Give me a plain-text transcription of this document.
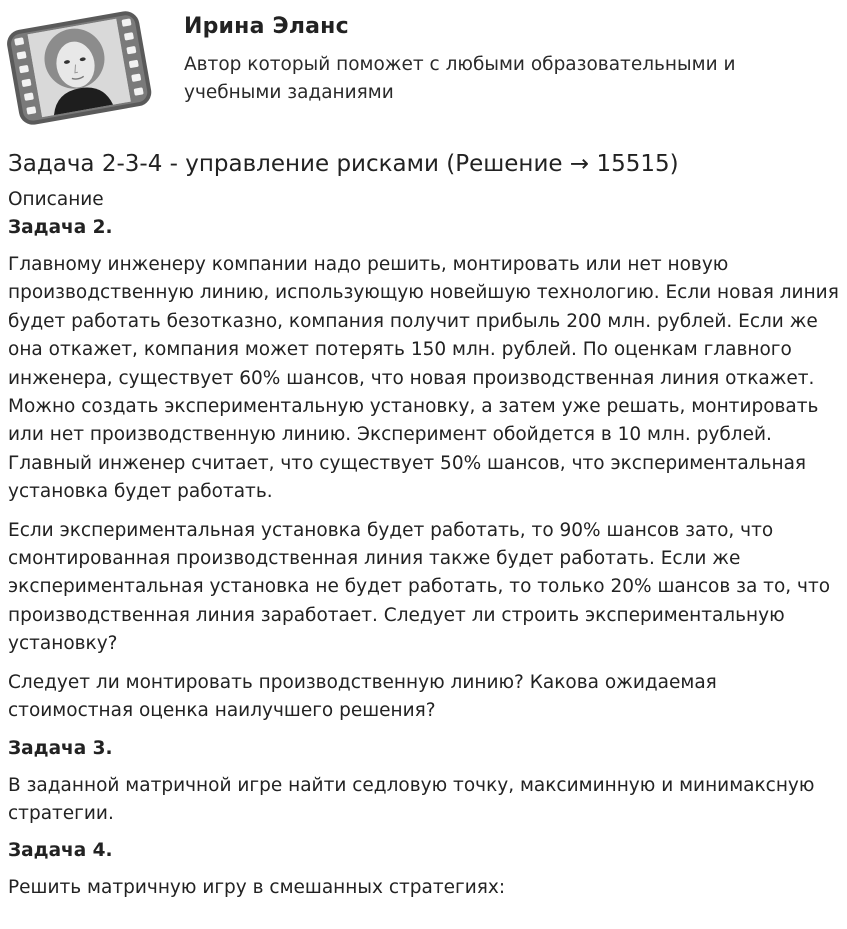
Ирина Эланс
Автор который поможет с любыми образовательными и учебными заданиями
Задача 2-3-4 - управление рисками (Решение → 15515)
Описание
Задача 2.

Главному инженеру компании надо решить, монтировать или нет новую производственную линию, использующую новейшую технологию. Если новая линия будет работать безотказно, компания получит прибыль 200 млн. рублей. Если же она откажет, компания может потерять 150 млн. рублей. По оценкам главного инженера, существует 60% шансов, что новая производственная линия откажет. Можно создать экспериментальную установку, а затем уже решать, монтировать или нет производственную линию. Эксперимент обойдется в 10 млн. рублей. Главный инженер считает, что существует 50% шансов, что экспериментальная установка будет работать.

Если экспериментальная установка будет работать, то 90% шансов зато, что смонтированная производственная линия также будет работать. Если же экспериментальная установка не будет работать, то только 20% шансов за то, что производственная линия заработает. Следует ли строить экспериментальную установку?

Следует ли монтировать производственную линию? Какова ожидаемая стоимостная оценка наилучшего решения?

Задача 3.

В заданной матричной игре найти седловую точку, максиминную и минимаксную стратегии.

Задача 4.

Решить матричную игру в смешанных стратегиях:
